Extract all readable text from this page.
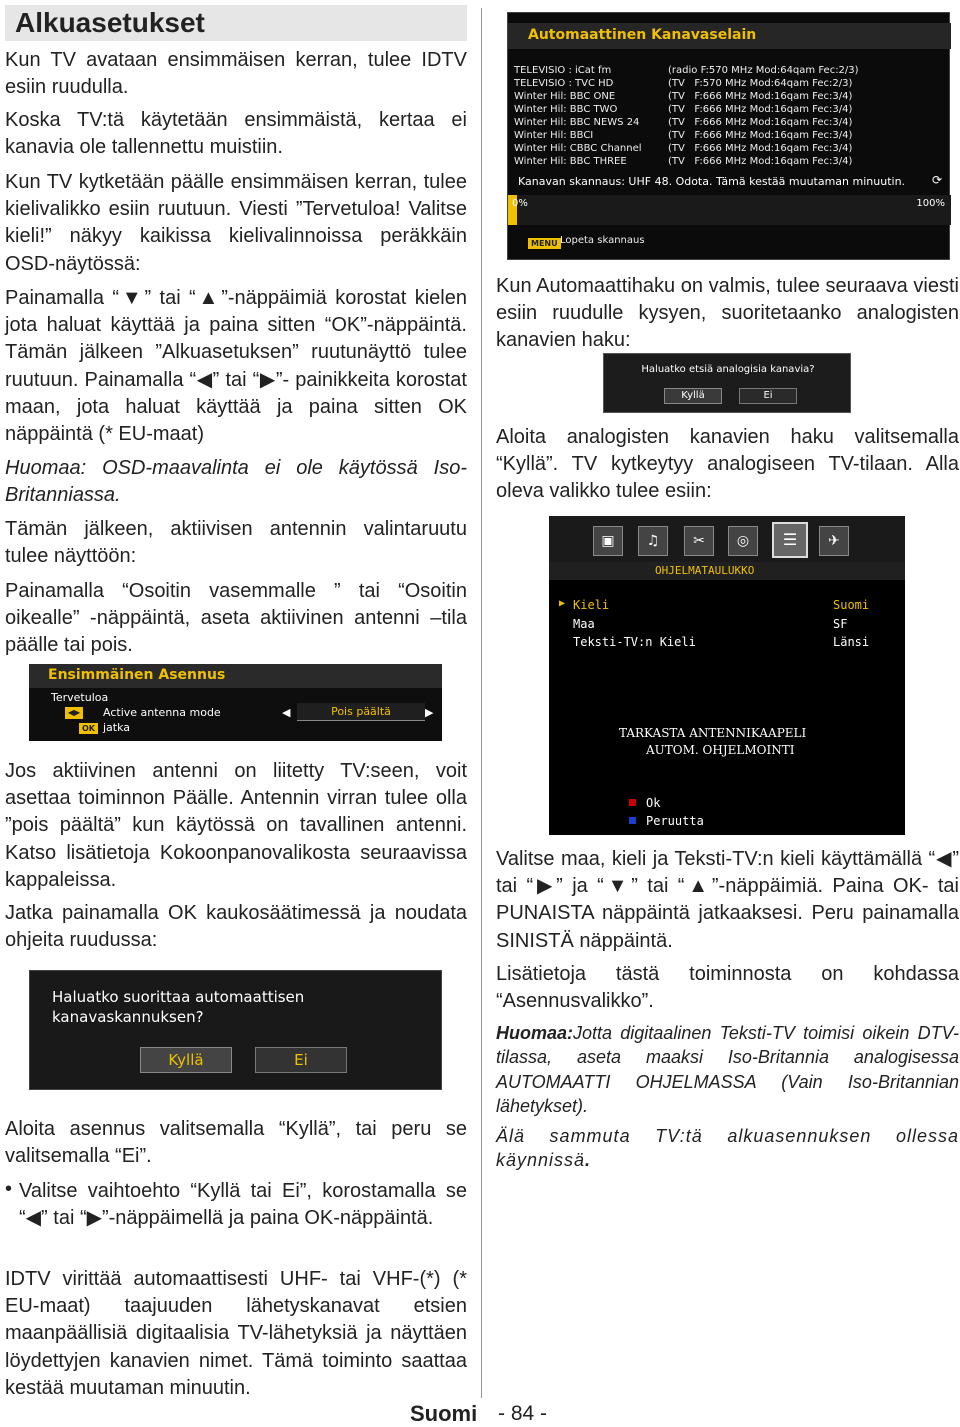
Alkuasetukset
Kun TV avataan ensimmäisen kerran, tulee IDTV esiin ruudulla.
Koska TV:tä käytetään ensimmäistä, kertaa ei kanavia ole tallennettu muistiin.
Kun TV kytketään päälle ensimmäisen kerran, tulee kielivalikko esiin ruutuun. Viesti ”Tervetuloa! Valitse kieli!” näkyy kaikissa kielivalinnoissa peräkkäin OSD-näytössä:
Painamalla “▼” tai “▲”-näppäimiä korostat kielen jota haluat käyttää ja paina sitten “OK”-näppäintä. Tämän jälkeen ”Alkuasetuksen” ruutunäyttö tulee ruutuun. Painamalla “◀” tai “▶”- painikkeita korostat maan, jota haluat käyttää ja paina sitten OK näppäintä (* EU-maat)
Huomaa: OSD-maavalinta ei ole käytössä Iso-Britanniassa.
Tämän jälkeen, aktiivisen antennin valintaruutu tulee näyttöön:
Painamalla “Osoitin vasemmalle ” tai “Osoitin oikealle” -näppäintä, aseta aktiivinen antenni –tila päälle tai pois.
Ensimmäinen Asennus
Tervetuloa
◀▶ Active antenna mode	◀	Pois päältä	▶
OK jatka
Jos aktiivinen antenni on liitetty TV:seen, voit asettaa toiminnon Päälle. Antennin virran tulee olla ”pois päältä” kun käytössä on tavallinen antenni. Katso lisätietoja Kokoonpanovalikosta seuraavissa kappaleissa.
Jatka painamalla OK kaukosäätimessä ja noudata ohjeita ruudussa:
Haluatko suorittaa automaattisen
kanavaskannuksen?
Kyllä	Ei
Aloita asennus valitsemalla “Kyllä”, tai peru se valitsemalla “Ei”.
• Valitse vaihtoehto “Kyllä tai Ei”, korostamalla se “◀” tai “▶”-näppäimellä ja paina OK-näppäintä.
IDTV virittää automaattisesti UHF- tai VHF-(*) (* EU-maat) taajuuden lähetyskanavat etsien maanpäällisiä digitaalisia TV-lähetyksiä ja näyttäen löydettyjen kanavien nimet. Tämä toiminto saattaa kestää muutaman minuutin.
Suomi - 84 -
Automaattinen Kanavaselain
TELEVISIO : iCat fm	(radio F:570 MHz Mod:64qam Fec:2/3)
TELEVISIO : TVC HD	(TV   F:570 MHz Mod:64qam Fec:2/3)
Winter Hil: BBC ONE	(TV   F:666 MHz Mod:16qam Fec:3/4)
Winter Hil: BBC TWO	(TV   F:666 MHz Mod:16qam Fec:3/4)
Winter Hil: BBC NEWS 24	(TV   F:666 MHz Mod:16qam Fec:3/4)
Winter Hil: BBCI	(TV   F:666 MHz Mod:16qam Fec:3/4)
Winter Hil: CBBC Channel	(TV   F:666 MHz Mod:16qam Fec:3/4)
Winter Hil: BBC THREE	(TV   F:666 MHz Mod:16qam Fec:3/4)
Kanavan skannaus: UHF 48. Odota. Tämä kestää muutaman minuutin. ⟳
0%	100%
MENU Lopeta skannaus
Kun Automaattihaku on valmis, tulee seuraava viesti esiin ruudulle kysyen, suoritetaanko analogisten kanavien haku:
Haluatko etsiä analogisia kanavia?
Kyllä	Ei
Aloita analogisten kanavien haku valitsemalla “Kyllä”. TV kytkeytyy analogiseen TV-tilaan. Alla oleva valikko tulee esiin:
▣	♫	✂	◎	☰	✈
OHJELMATAULUKKO
▶ Kieli	Suomi
Maa	SF
Teksti-TV:n Kieli	Länsi
TARKASTA ANTENNIKAAPELI
AUTOM. OHJELMOINTI
Ok
Peruutta
Valitse maa, kieli ja Teksti-TV:n kieli käyttämällä “◀” tai “▶” ja “▼” tai “▲”-näppäimiä. Paina OK- tai PUNAISTA näppäintä jatkaaksesi. Peru painamalla SINISTÄ näppäintä.
Lisätietoja tästä toiminnosta on kohdassa “Asennusvalikko”.
Huomaa:Jotta digitaalinen Teksti-TV toimisi oikein DTV-tilassa, aseta maaksi Iso-Britannia analogisessa AUTOMAATTI OHJELMASSA (Vain Iso-Britannian lähetykset).
Älä sammuta TV:tä alkuasennuksen ollessa käynnissä.
